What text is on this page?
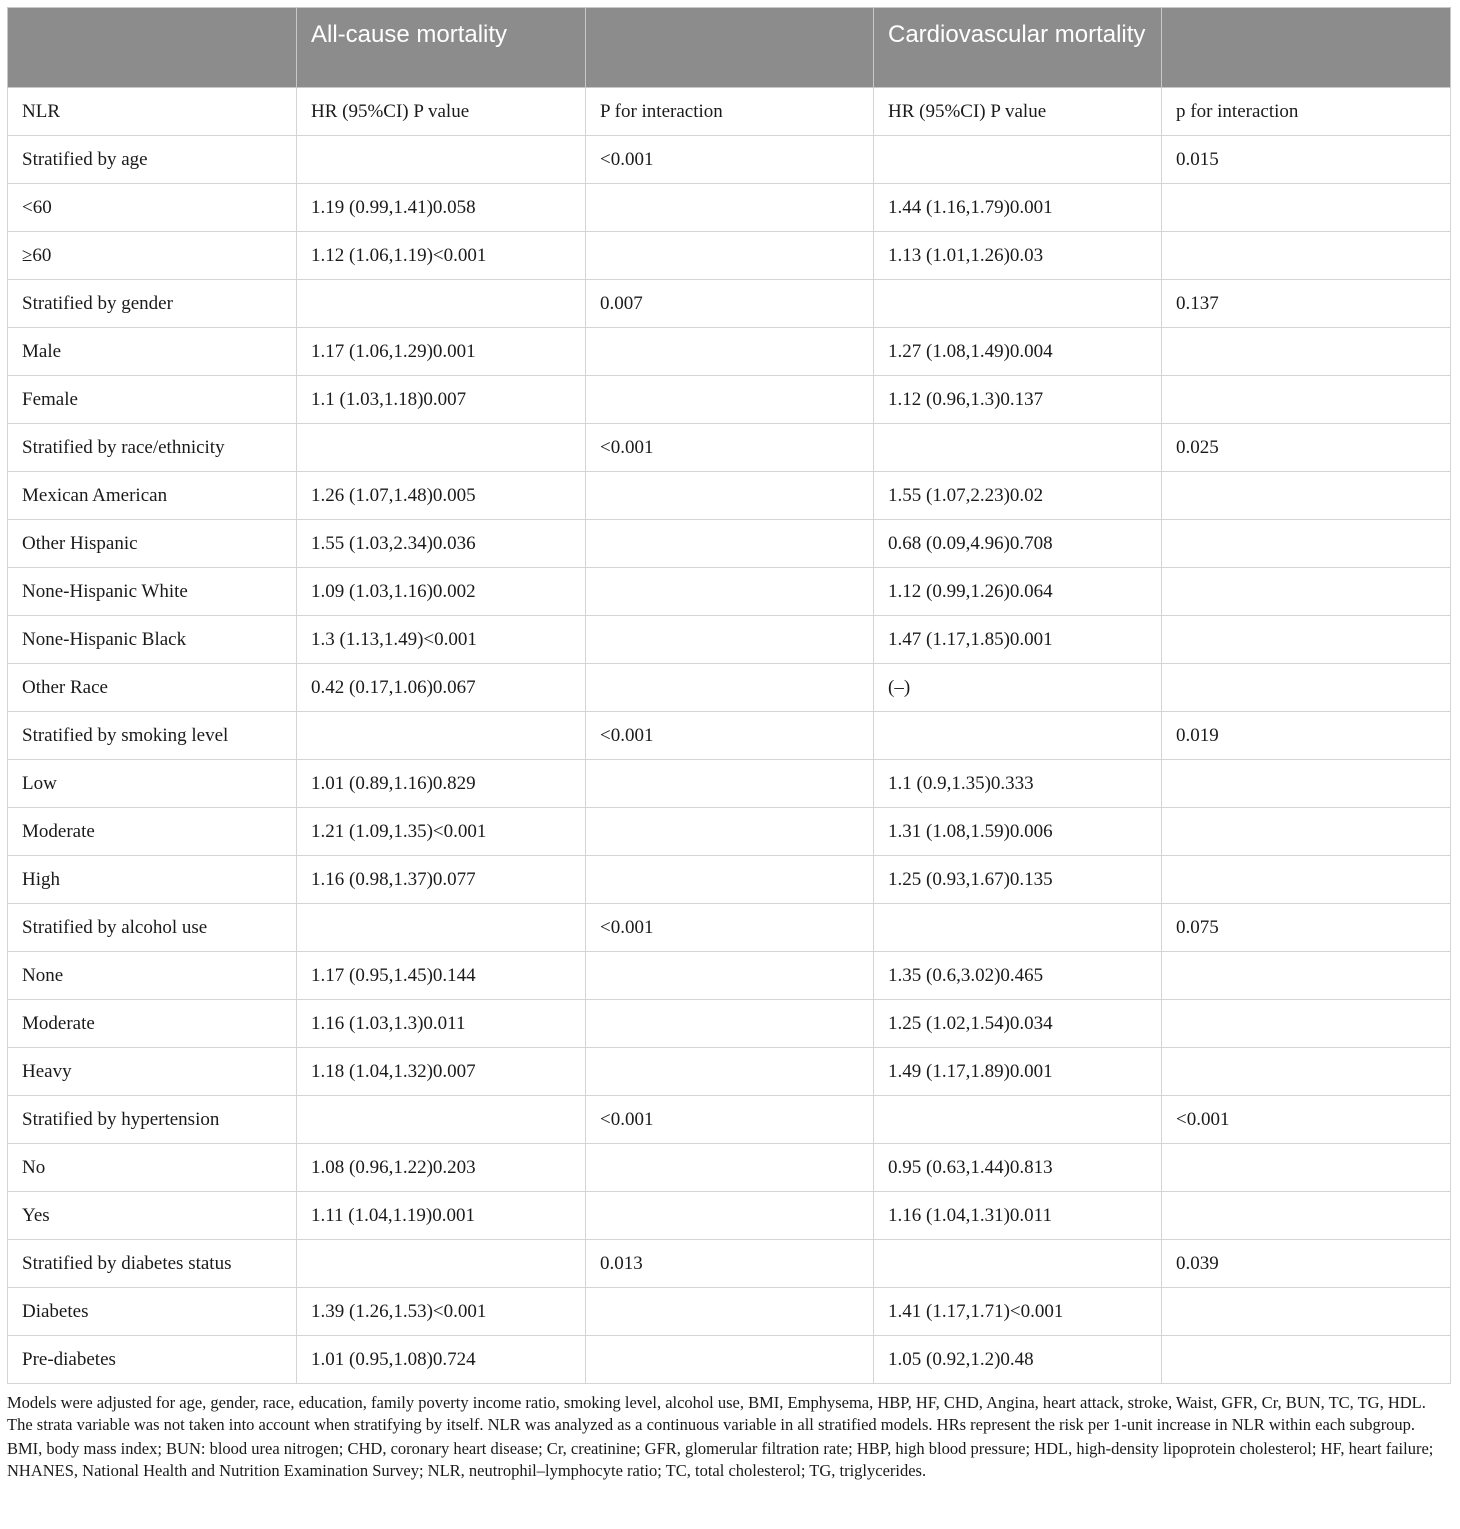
	All-cause mortality		Cardiovascular mortality	
NLR	HR (95%CI) P value	P for interaction	HR (95%CI) P value	p for interaction
Stratified by age		<0.001		0.015
<60	1.19 (0.99,1.41)0.058		1.44 (1.16,1.79)0.001	
≥60	1.12 (1.06,1.19)<0.001		1.13 (1.01,1.26)0.03	
Stratified by gender		0.007		0.137
Male	1.17 (1.06,1.29)0.001		1.27 (1.08,1.49)0.004	
Female	1.1 (1.03,1.18)0.007		1.12 (0.96,1.3)0.137	
Stratified by race/ethnicity		<0.001		0.025
Mexican American	1.26 (1.07,1.48)0.005		1.55 (1.07,2.23)0.02	
Other Hispanic	1.55 (1.03,2.34)0.036		0.68 (0.09,4.96)0.708	
None-Hispanic White	1.09 (1.03,1.16)0.002		1.12 (0.99,1.26)0.064	
None-Hispanic Black	1.3 (1.13,1.49)<0.001		1.47 (1.17,1.85)0.001	
Other Race	0.42 (0.17,1.06)0.067		(–)	
Stratified by smoking level		<0.001		0.019
Low	1.01 (0.89,1.16)0.829		1.1 (0.9,1.35)0.333	
Moderate	1.21 (1.09,1.35)<0.001		1.31 (1.08,1.59)0.006	
High	1.16 (0.98,1.37)0.077		1.25 (0.93,1.67)0.135	
Stratified by alcohol use		<0.001		0.075
None	1.17 (0.95,1.45)0.144		1.35 (0.6,3.02)0.465	
Moderate	1.16 (1.03,1.3)0.011		1.25 (1.02,1.54)0.034	
Heavy	1.18 (1.04,1.32)0.007		1.49 (1.17,1.89)0.001	
Stratified by hypertension		<0.001		<0.001
No	1.08 (0.96,1.22)0.203		0.95 (0.63,1.44)0.813	
Yes	1.11 (1.04,1.19)0.001		1.16 (1.04,1.31)0.011	
Stratified by diabetes status		0.013		0.039
Diabetes	1.39 (1.26,1.53)<0.001		1.41 (1.17,1.71)<0.001	
Pre-diabetes	1.01 (0.95,1.08)0.724		1.05 (0.92,1.2)0.48	

Models were adjusted for age, gender, race, education, family poverty income ratio, smoking level, alcohol use, BMI, Emphysema, HBP, HF, CHD, Angina, heart attack, stroke, Waist, GFR, Cr, BUN, TC, TG, HDL. The strata variable was not taken into account when stratifying by itself. NLR was analyzed as a continuous variable in all stratified models. HRs represent the risk per 1-unit increase in NLR within each subgroup.

BMI, body mass index; BUN: blood urea nitrogen; CHD, coronary heart disease; Cr, creatinine; GFR, glomerular filtration rate; HBP, high blood pressure; HDL, high-density lipoprotein cholesterol; HF, heart failure; NHANES, National Health and Nutrition Examination Survey; NLR, neutrophil–lymphocyte ratio; TC, total cholesterol; TG, triglycerides.
